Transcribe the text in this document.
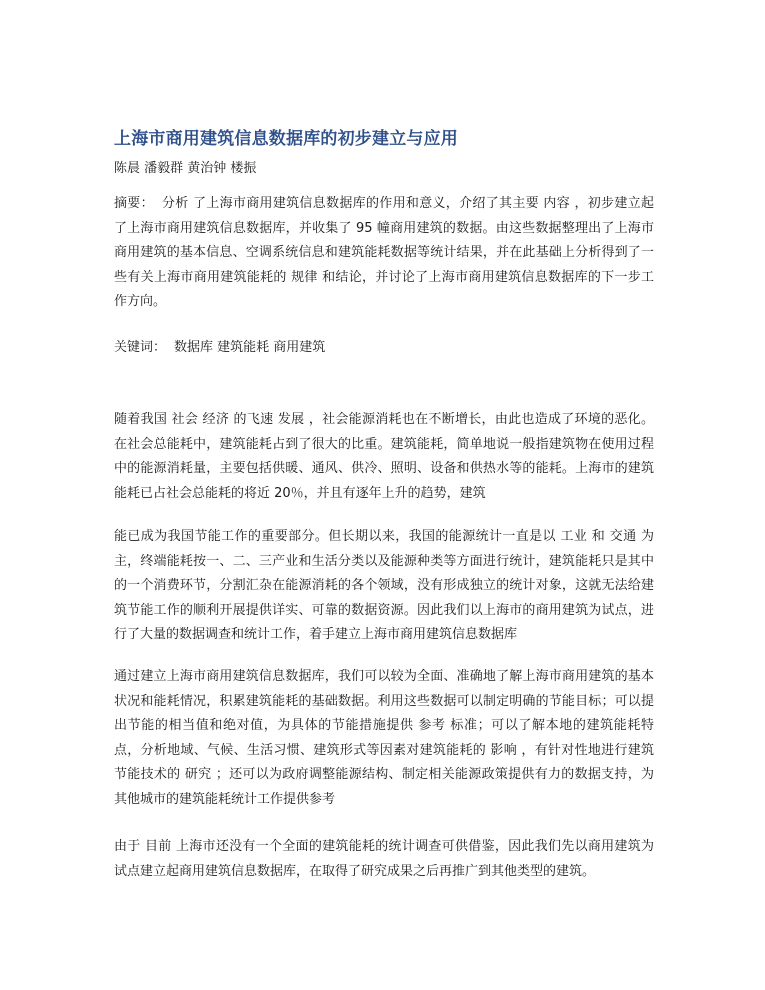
上海市商用建筑信息数据库的初步建立与应用
陈晨 潘毅群 黄治钟 楼振
摘要： 分析 了上海市商用建筑信息数据库的作用和意义，介绍了其主要 内容 ，初步建立起了上海市商用建筑信息数据库，并收集了 95 幢商用建筑的数据。由这些数据整理出了上海市商用建筑的基本信息、空调系统信息和建筑能耗数据等统计结果，并在此基础上分析得到了一些有关上海市商用建筑能耗的 规律 和结论，并讨论了上海市商用建筑信息数据库的下一步工作方向。
关键词： 数据库 建筑能耗 商用建筑
随着我国 社会 经济 的飞速 发展 ，社会能源消耗也在不断增长，由此也造成了环境的恶化。在社会总能耗中，建筑能耗占到了很大的比重。建筑能耗，简单地说一般指建筑物在使用过程中的能源消耗量，主要包括供暖、通风、供冷、照明、设备和供热水等的能耗。上海市的建筑能耗已占社会总能耗的将近 20％，并且有逐年上升的趋势，建筑
能已成为我国节能工作的重要部分。但长期以来，我国的能源统计一直是以 工业 和 交通 为主，终端能耗按一、二、三产业和生活分类以及能源种类等方面进行统计，建筑能耗只是其中的一个消费环节，分割汇杂在能源消耗的各个领域，没有形成独立的统计对象，这就无法给建筑节能工作的顺利开展提供详实、可靠的数据资源。因此我们以上海市的商用建筑为试点，进行了大量的数据调查和统计工作，着手建立上海市商用建筑信息数据库
通过建立上海市商用建筑信息数据库，我们可以较为全面、准确地了解上海市商用建筑的基本状况和能耗情况，积累建筑能耗的基础数据。利用这些数据可以制定明确的节能目标；可以提出节能的相当值和绝对值，为具体的节能措施提供 参考 标准；可以了解本地的建筑能耗特点，分析地域、气候、生活习惯、建筑形式等因素对建筑能耗的 影响 ，有针对性地进行建筑节能技术的 研究 ；还可以为政府调整能源结构、制定相关能源政策提供有力的数据支持，为其他城市的建筑能耗统计工作提供参考
由于 目前 上海市还没有一个全面的建筑能耗的统计调查可供借鉴，因此我们先以商用建筑为试点建立起商用建筑信息数据库，在取得了研究成果之后再推广到其他类型的建筑。
